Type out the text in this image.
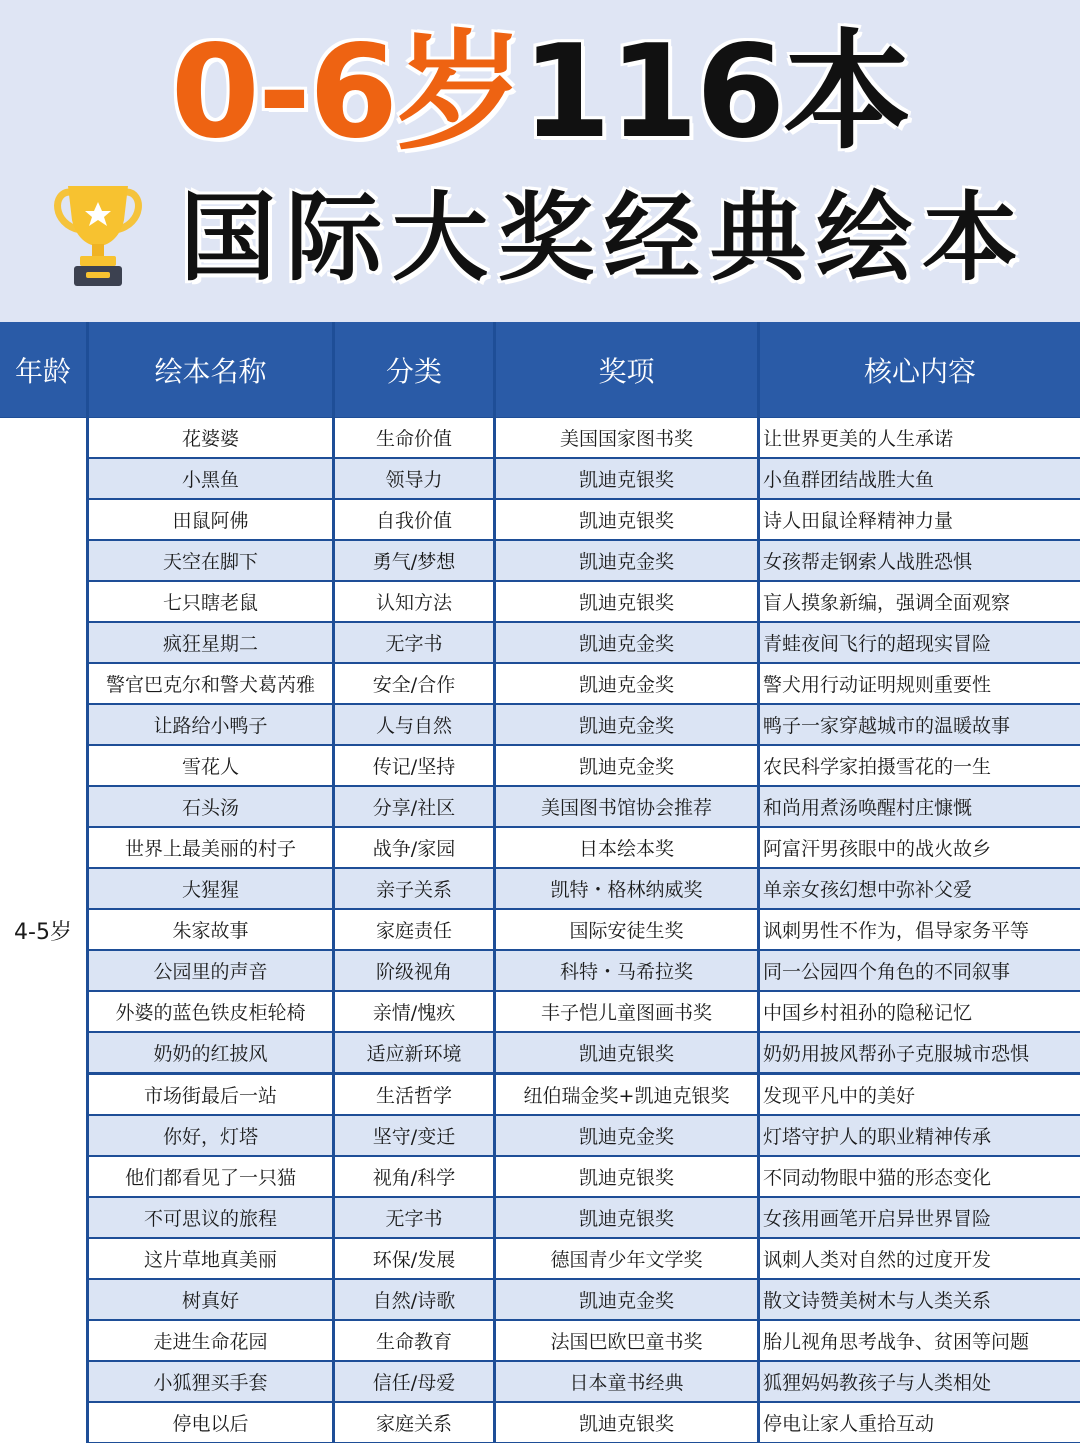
0-6岁116本
国际大奖经典绘本
年龄	绘本名称	分类	奖项	核心内容
4-5岁
花婆婆	生命价值	美国国家图书奖	让世界更美的人生承诺
小黑鱼	领导力	凯迪克银奖	小鱼群团结战胜大鱼
田鼠阿佛	自我价值	凯迪克银奖	诗人田鼠诠释精神力量
天空在脚下	勇气/梦想	凯迪克金奖	女孩帮走钢索人战胜恐惧
七只瞎老鼠	认知方法	凯迪克银奖	盲人摸象新编，强调全面观察
疯狂星期二	无字书	凯迪克金奖	青蛙夜间飞行的超现实冒险
警官巴克尔和警犬葛芮雅	安全/合作	凯迪克金奖	警犬用行动证明规则重要性
让路给小鸭子	人与自然	凯迪克金奖	鸭子一家穿越城市的温暖故事
雪花人	传记/坚持	凯迪克金奖	农民科学家拍摄雪花的一生
石头汤	分享/社区	美国图书馆协会推荐	和尚用煮汤唤醒村庄慷慨
世界上最美丽的村子	战争/家园	日本绘本奖	阿富汗男孩眼中的战火故乡
大猩猩	亲子关系	凯特・格林纳威奖	单亲女孩幻想中弥补父爱
朱家故事	家庭责任	国际安徒生奖	讽刺男性不作为，倡导家务平等
公园里的声音	阶级视角	科特・马希拉奖	同一公园四个角色的不同叙事
外婆的蓝色铁皮柜轮椅	亲情/愧疚	丰子恺儿童图画书奖	中国乡村祖孙的隐秘记忆
奶奶的红披风	适应新环境	凯迪克银奖	奶奶用披风帮孙子克服城市恐惧
市场街最后一站	生活哲学	纽伯瑞金奖+凯迪克银奖	发现平凡中的美好
你好，灯塔	坚守/变迁	凯迪克金奖	灯塔守护人的职业精神传承
他们都看见了一只猫	视角/科学	凯迪克银奖	不同动物眼中猫的形态变化
不可思议的旅程	无字书	凯迪克银奖	女孩用画笔开启异世界冒险
这片草地真美丽	环保/发展	德国青少年文学奖	讽刺人类对自然的过度开发
树真好	自然/诗歌	凯迪克金奖	散文诗赞美树木与人类关系
走进生命花园	生命教育	法国巴欧巴童书奖	胎儿视角思考战争、贫困等问题
小狐狸买手套	信任/母爱	日本童书经典	狐狸妈妈教孩子与人类相处
停电以后	家庭关系	凯迪克银奖	停电让家人重拾互动
